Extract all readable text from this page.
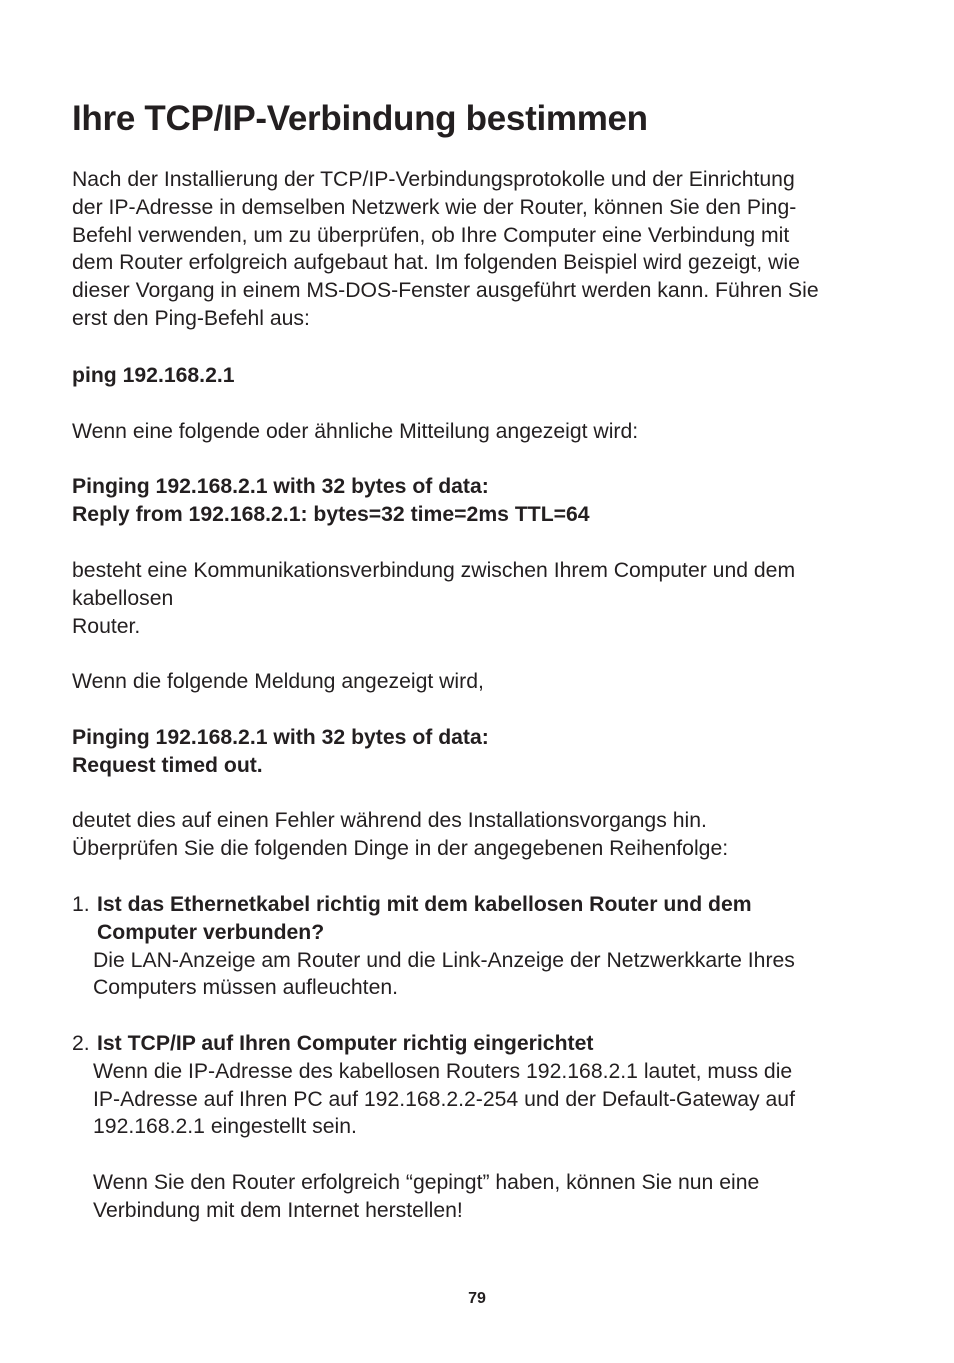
Ihre TCP/IP-Verbindung bestimmen
Nach der Installierung der TCP/IP-Verbindungsprotokolle und der Einrichtung
der IP-Adresse in demselben Netzwerk wie der Router, können Sie den Ping-
Befehl verwenden, um zu überprüfen, ob Ihre Computer eine Verbindung mit
dem Router erfolgreich aufgebaut hat. Im folgenden Beispiel wird gezeigt, wie
dieser Vorgang in einem MS-DOS-Fenster ausgeführt werden kann. Führen Sie
erst den Ping-Befehl aus:
ping 192.168.2.1
Wenn eine folgende oder ähnliche Mitteilung angezeigt wird:
Pinging 192.168.2.1 with 32 bytes of data:
Reply from 192.168.2.1: bytes=32 time=2ms TTL=64
besteht eine Kommunikationsverbindung zwischen Ihrem Computer und dem
kabellosen
Router.
Wenn die folgende Meldung angezeigt wird,
Pinging 192.168.2.1 with 32 bytes of data:
Request timed out.
deutet dies auf einen Fehler während des Installationsvorgangs hin.
Überprüfen Sie die folgenden Dinge in der angegebenen Reihenfolge:
1. Ist das Ethernetkabel richtig mit dem kabellosen Router und dem
Computer verbunden?
Die LAN-Anzeige am Router und die Link-Anzeige der Netzwerkkarte Ihres
Computers müssen aufleuchten.
2. Ist TCP/IP auf Ihren Computer richtig eingerichtet
Wenn die IP-Adresse des kabellosen Routers 192.168.2.1 lautet, muss die
IP-Adresse auf Ihren PC auf 192.168.2.2-254 und der Default-Gateway auf
192.168.2.1 eingestellt sein.
Wenn Sie den Router erfolgreich “gepingt” haben, können Sie nun eine
Verbindung mit dem Internet herstellen!
79
